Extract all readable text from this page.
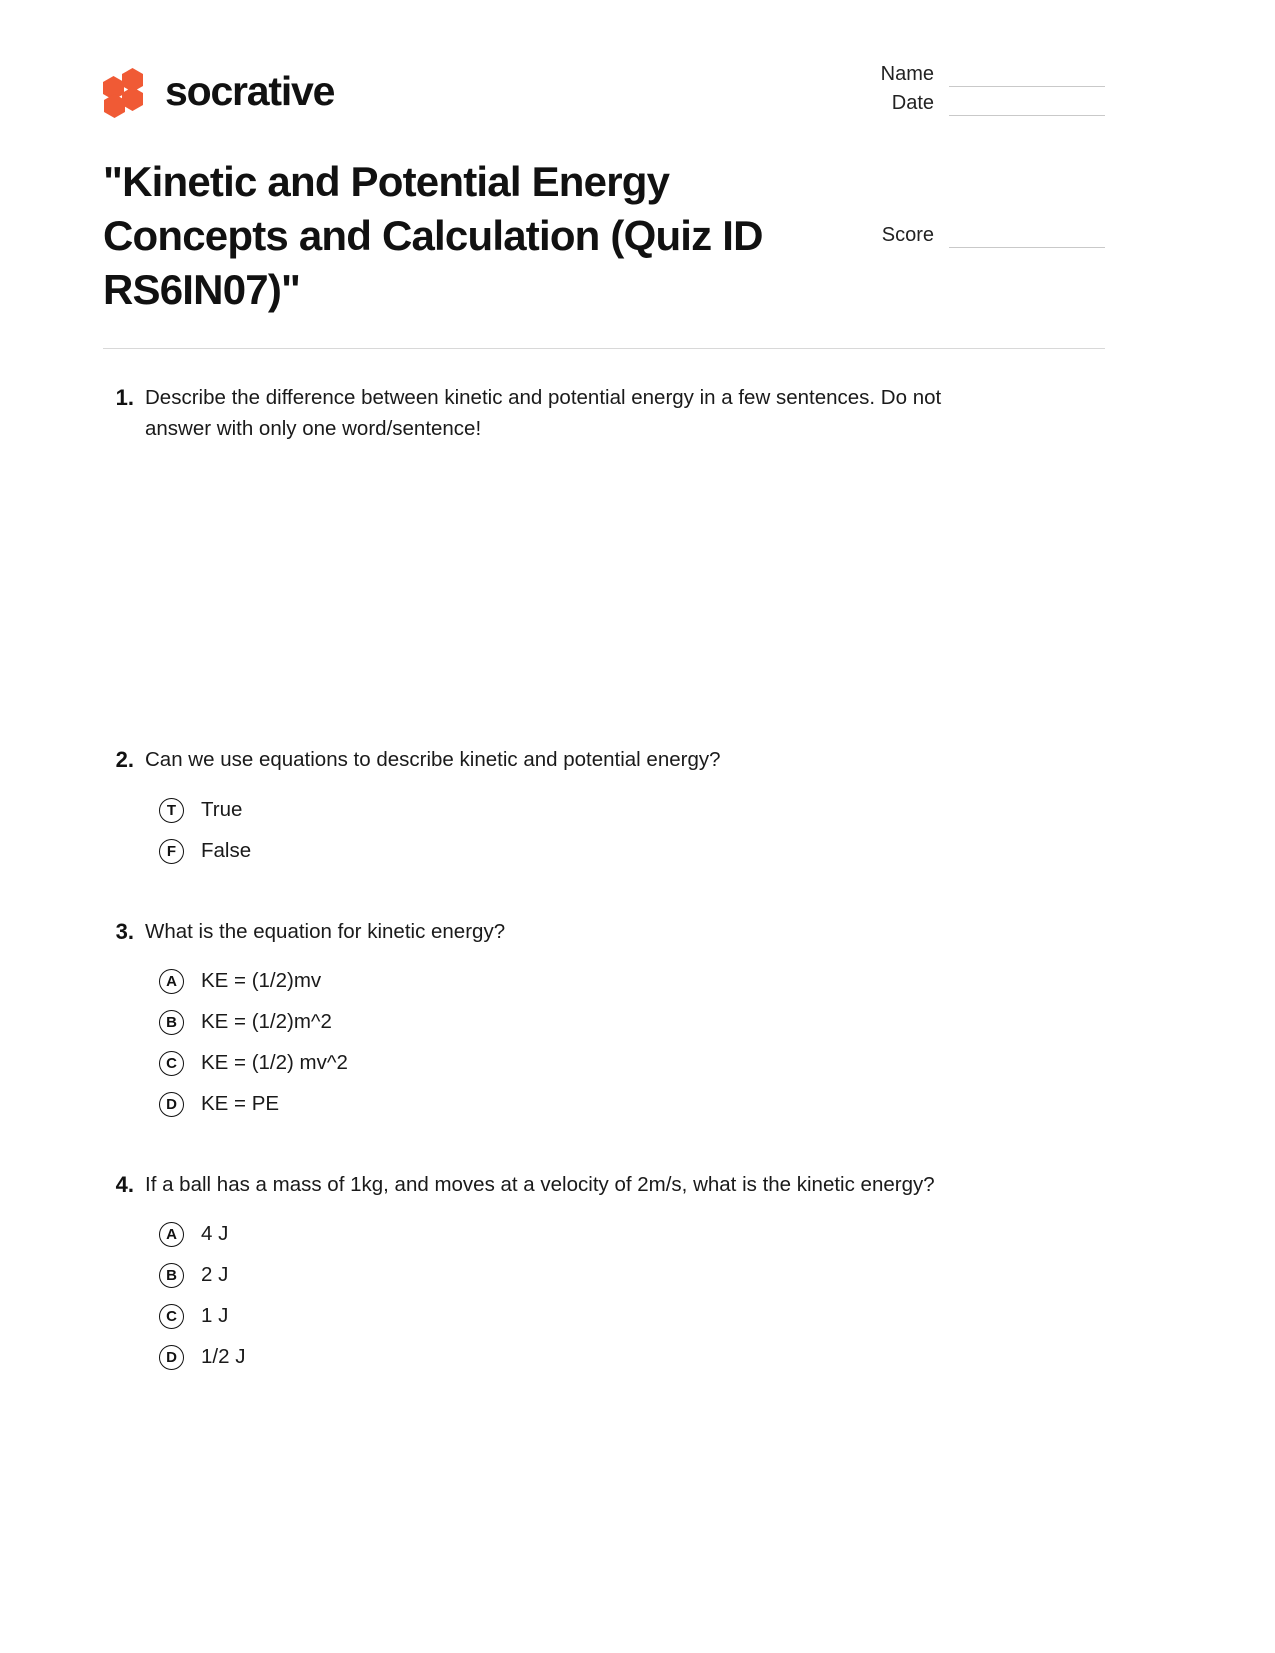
socrative	Name
Date
"Kinetic and Potential Energy Concepts and Calculation (Quiz ID RS6IN07)"
Score
1. Describe the difference between kinetic and potential energy in a few sentences. Do not answer with only one word/sentence!
2. Can we use equations to describe kinetic and potential energy?
T	True
F	False
3. What is the equation for kinetic energy?
A	KE = (1/2)mv
B	KE = (1/2)m^2
C	KE = (1/2) mv^2
D	KE = PE
4. If a ball has a mass of 1kg, and moves at a velocity of 2m/s, what is the kinetic energy?
A	4 J
B	2 J
C	1 J
D	1/2 J
